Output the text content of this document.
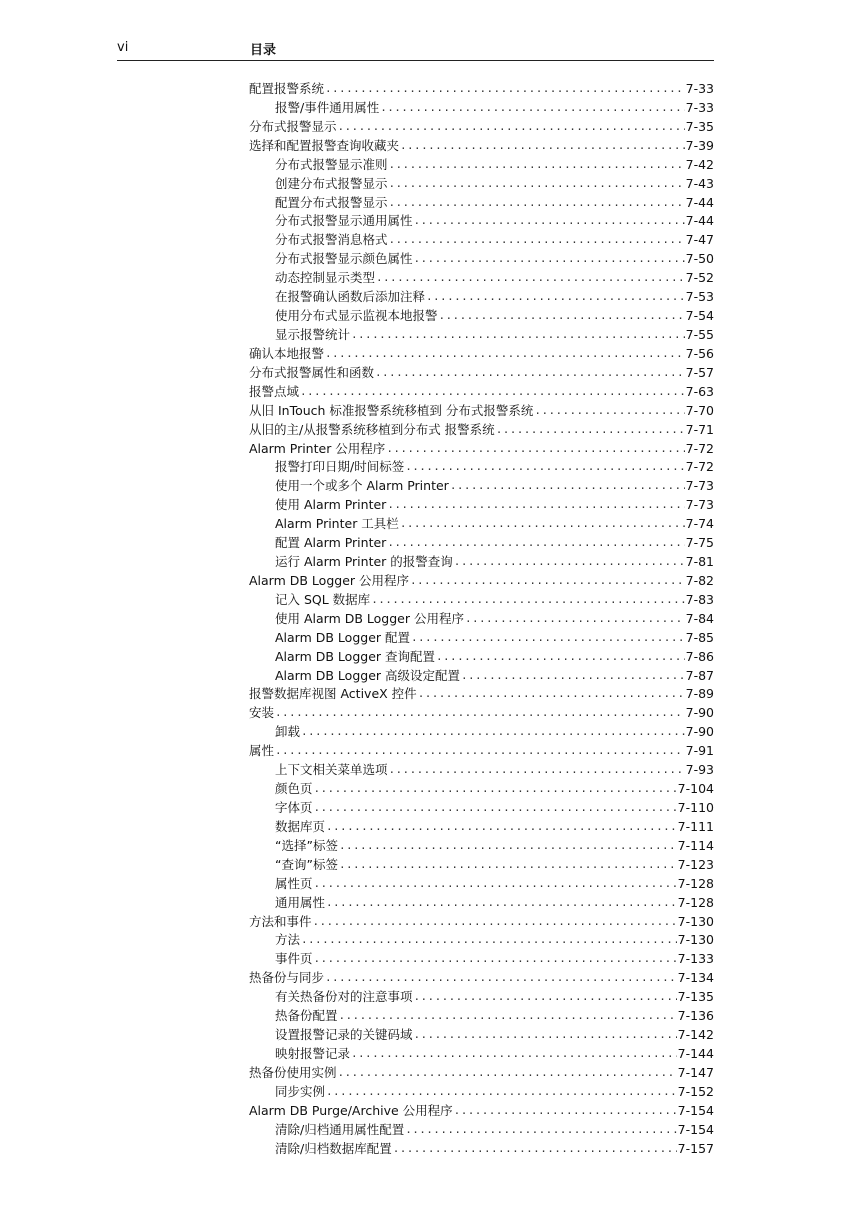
vi	目录
配置报警系统 .....	7-33
报警/事件通用属性 .....	7-33
分布式报警显示 .....	7-35
选择和配置报警查询收藏夹 .....	7-39
分布式报警显示准则 .....	7-42
创建分布式报警显示 .....	7-43
配置分布式报警显示 .....	7-44
分布式报警显示通用属性 .....	7-44
分布式报警消息格式 .....	7-47
分布式报警显示颜色属性 .....	7-50
动态控制显示类型 .....	7-52
在报警确认函数后添加注释 .....	7-53
使用分布式显示监视本地报警 .....	7-54
显示报警统计 .....	7-55
确认本地报警 .....	7-56
分布式报警属性和函数 .....	7-57
报警点域 .....	7-63
从旧 InTouch 标准报警系统移植到 分布式报警系统 .....	7-70
从旧的主/从报警系统移植到分布式 报警系统 .....	7-71
Alarm Printer 公用程序 .....	7-72
报警打印日期/时间标签 .....	7-72
使用一个或多个 Alarm Printer .....	7-73
使用 Alarm Printer .....	7-73
Alarm Printer 工具栏 .....	7-74
配置 Alarm Printer .....	7-75
运行 Alarm Printer 的报警查询 .....	7-81
Alarm DB Logger 公用程序 .....	7-82
记入 SQL 数据库 .....	7-83
使用 Alarm DB Logger 公用程序 .....	7-84
Alarm DB Logger 配置 .....	7-85
Alarm DB Logger 查询配置 .....	7-86
Alarm DB Logger 高级设定配置 .....	7-87
报警数据库视图 ActiveX 控件 .....	7-89
安装 .....	7-90
卸载 .....	7-90
属性 .....	7-91
上下文相关菜单选项 .....	7-93
颜色页 .....	7-104
字体页 .....	7-110
数据库页 .....	7-111
“选择”标签 .....	7-114
“查询”标签 .....	7-123
属性页 .....	7-128
通用属性 .....	7-128
方法和事件 .....	7-130
方法 .....	7-130
事件页 .....	7-133
热备份与同步 .....	7-134
有关热备份对的注意事项 .....	7-135
热备份配置 .....	7-136
设置报警记录的关键码域 .....	7-142
映射报警记录 .....	7-144
热备份使用实例 .....	7-147
同步实例 .....	7-152
Alarm DB Purge/Archive 公用程序 .....	7-154
清除/归档通用属性配置 .....	7-154
清除/归档数据库配置 .....	7-157
